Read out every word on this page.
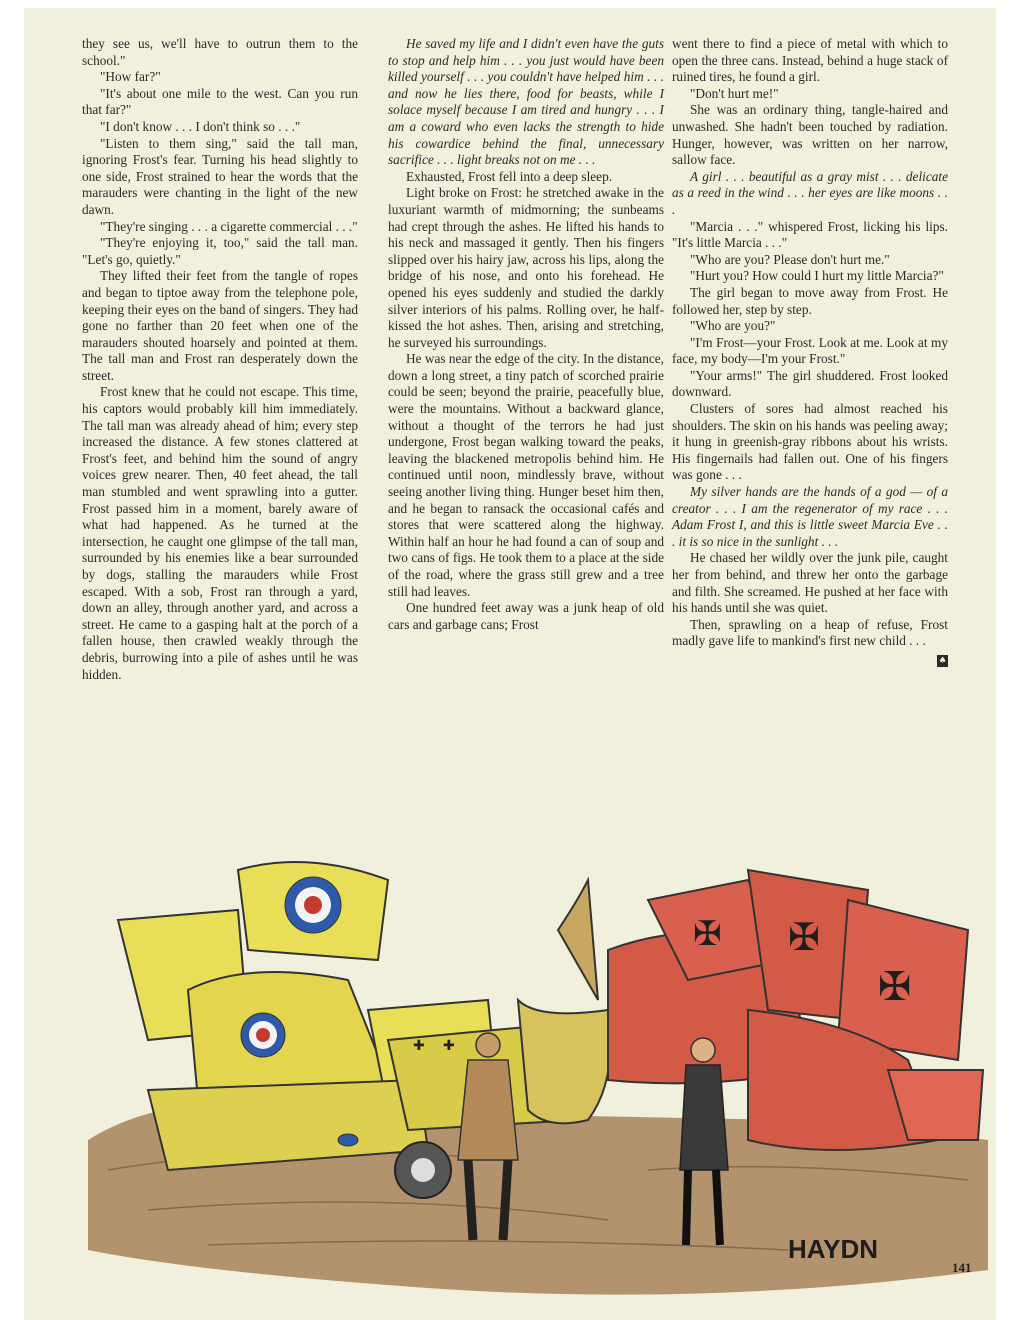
they see us, we'll have to outrun them to the school."

"How far?"

"It's about one mile to the west. Can you run that far?"

"I don't know . . . I don't think so . . ."

"Listen to them sing," said the tall man, ignoring Frost's fear. Turning his head slightly to one side, Frost strained to hear the words that the marauders were chanting in the light of the new dawn.

"They're singing . . . a cigarette commercial . . ."

"They're enjoying it, too," said the tall man. "Let's go, quietly."

They lifted their feet from the tangle of ropes and began to tiptoe away from the telephone pole, keeping their eyes on the band of singers. They had gone no farther than 20 feet when one of the marauders shouted hoarsely and pointed at them. The tall man and Frost ran desperately down the street.

Frost knew that he could not escape. This time, his captors would probably kill him immediately. The tall man was already ahead of him; every step increased the distance. A few stones clattered at Frost's feet, and behind him the sound of angry voices grew nearer. Then, 40 feet ahead, the tall man stumbled and went sprawling into a gutter. Frost passed him in a moment, barely aware of what had happened. As he turned at the intersection, he caught one glimpse of the tall man, surrounded by his enemies like a bear surrounded by dogs, stalling the marauders while Frost escaped. With a sob, Frost ran through a yard, down an alley, through another yard, and across a street. He came to a gasping halt at the porch of a fallen house, then crawled weakly through the debris, burrowing into a pile of ashes until he was hidden.

He saved my life and I didn't even have the guts to stop and help him . . . you just would have been killed yourself . . . you couldn't have helped him . . . and now he lies there, food for beasts, while I solace myself because I am tired and hungry . . . I am a coward who even lacks the strength to hide his cowardice behind the final, unnecessary sacrifice . . . light breaks not on me . . .

Exhausted, Frost fell into a deep sleep.

Light broke on Frost: he stretched awake in the luxuriant warmth of midmorning; the sunbeams had crept through the ashes. He lifted his hands to his neck and massaged it gently. Then his fingers slipped over his hairy jaw, across his lips, along the bridge of his nose, and onto his forehead. He opened his eyes suddenly and studied the darkly silver interiors of his palms. Rolling over, he half-kissed the hot ashes. Then, arising and stretching, he surveyed his surroundings.

He was near the edge of the city. In the distance, down a long street, a tiny patch of scorched prairie could be seen; beyond the prairie, peacefully blue, were the mountains. Without a backward glance, without a thought of the terrors he had just undergone, Frost began walking toward the peaks, leaving the blackened metropolis behind him. He continued until noon, mindlessly brave, without seeing another living thing. Hunger beset him then, and he began to ransack the occasional cafés and stores that were scattered along the highway. Within half an hour he had found a can of soup and two cans of figs. He took them to a place at the side of the road, where the grass still grew and a tree still had leaves.

One hundred feet away was a junk heap of old cars and garbage cans; Frost

went there to find a piece of metal with which to open the three cans. Instead, behind a huge stack of ruined tires, he found a girl.

"Don't hurt me!"

She was an ordinary thing, tangle-haired and unwashed. She hadn't been touched by radiation. Hunger, however, was written on her narrow, sallow face.

A girl . . . beautiful as a gray mist . . . delicate as a reed in the wind . . . her eyes are like moons . . .

"Marcia . . ." whispered Frost, licking his lips. "It's little Marcia . . ."

"Who are you? Please don't hurt me."

"Hurt you? How could I hurt my little Marcia?"

The girl began to move away from Frost. He followed her, step by step.

"Who are you?"

"I'm Frost—your Frost. Look at me. Look at my face, my body—I'm your Frost."

"Your arms!" The girl shuddered. Frost looked downward.

Clusters of sores had almost reached his shoulders. The skin on his hands was peeling away; it hung in greenish-gray ribbons about his wrists. His fingernails had fallen out. One of his fingers was gone . . .

My silver hands are the hands of a god — of a creator . . . I am the regenerator of my race . . . Adam Frost I, and this is little sweet Marcia Eve . . . it is so nice in the sunlight . . .

He chased her wildly over the junk pile, caught her from behind, and threw her onto the garbage and filth. She screamed. He pushed at her face with his hands until she was quiet.

Then, sprawling on a heap of refuse, Frost madly gave life to mankind's first new child . . .

♠
✚ ✚
✠ ✠
✠
HAYDN
141
